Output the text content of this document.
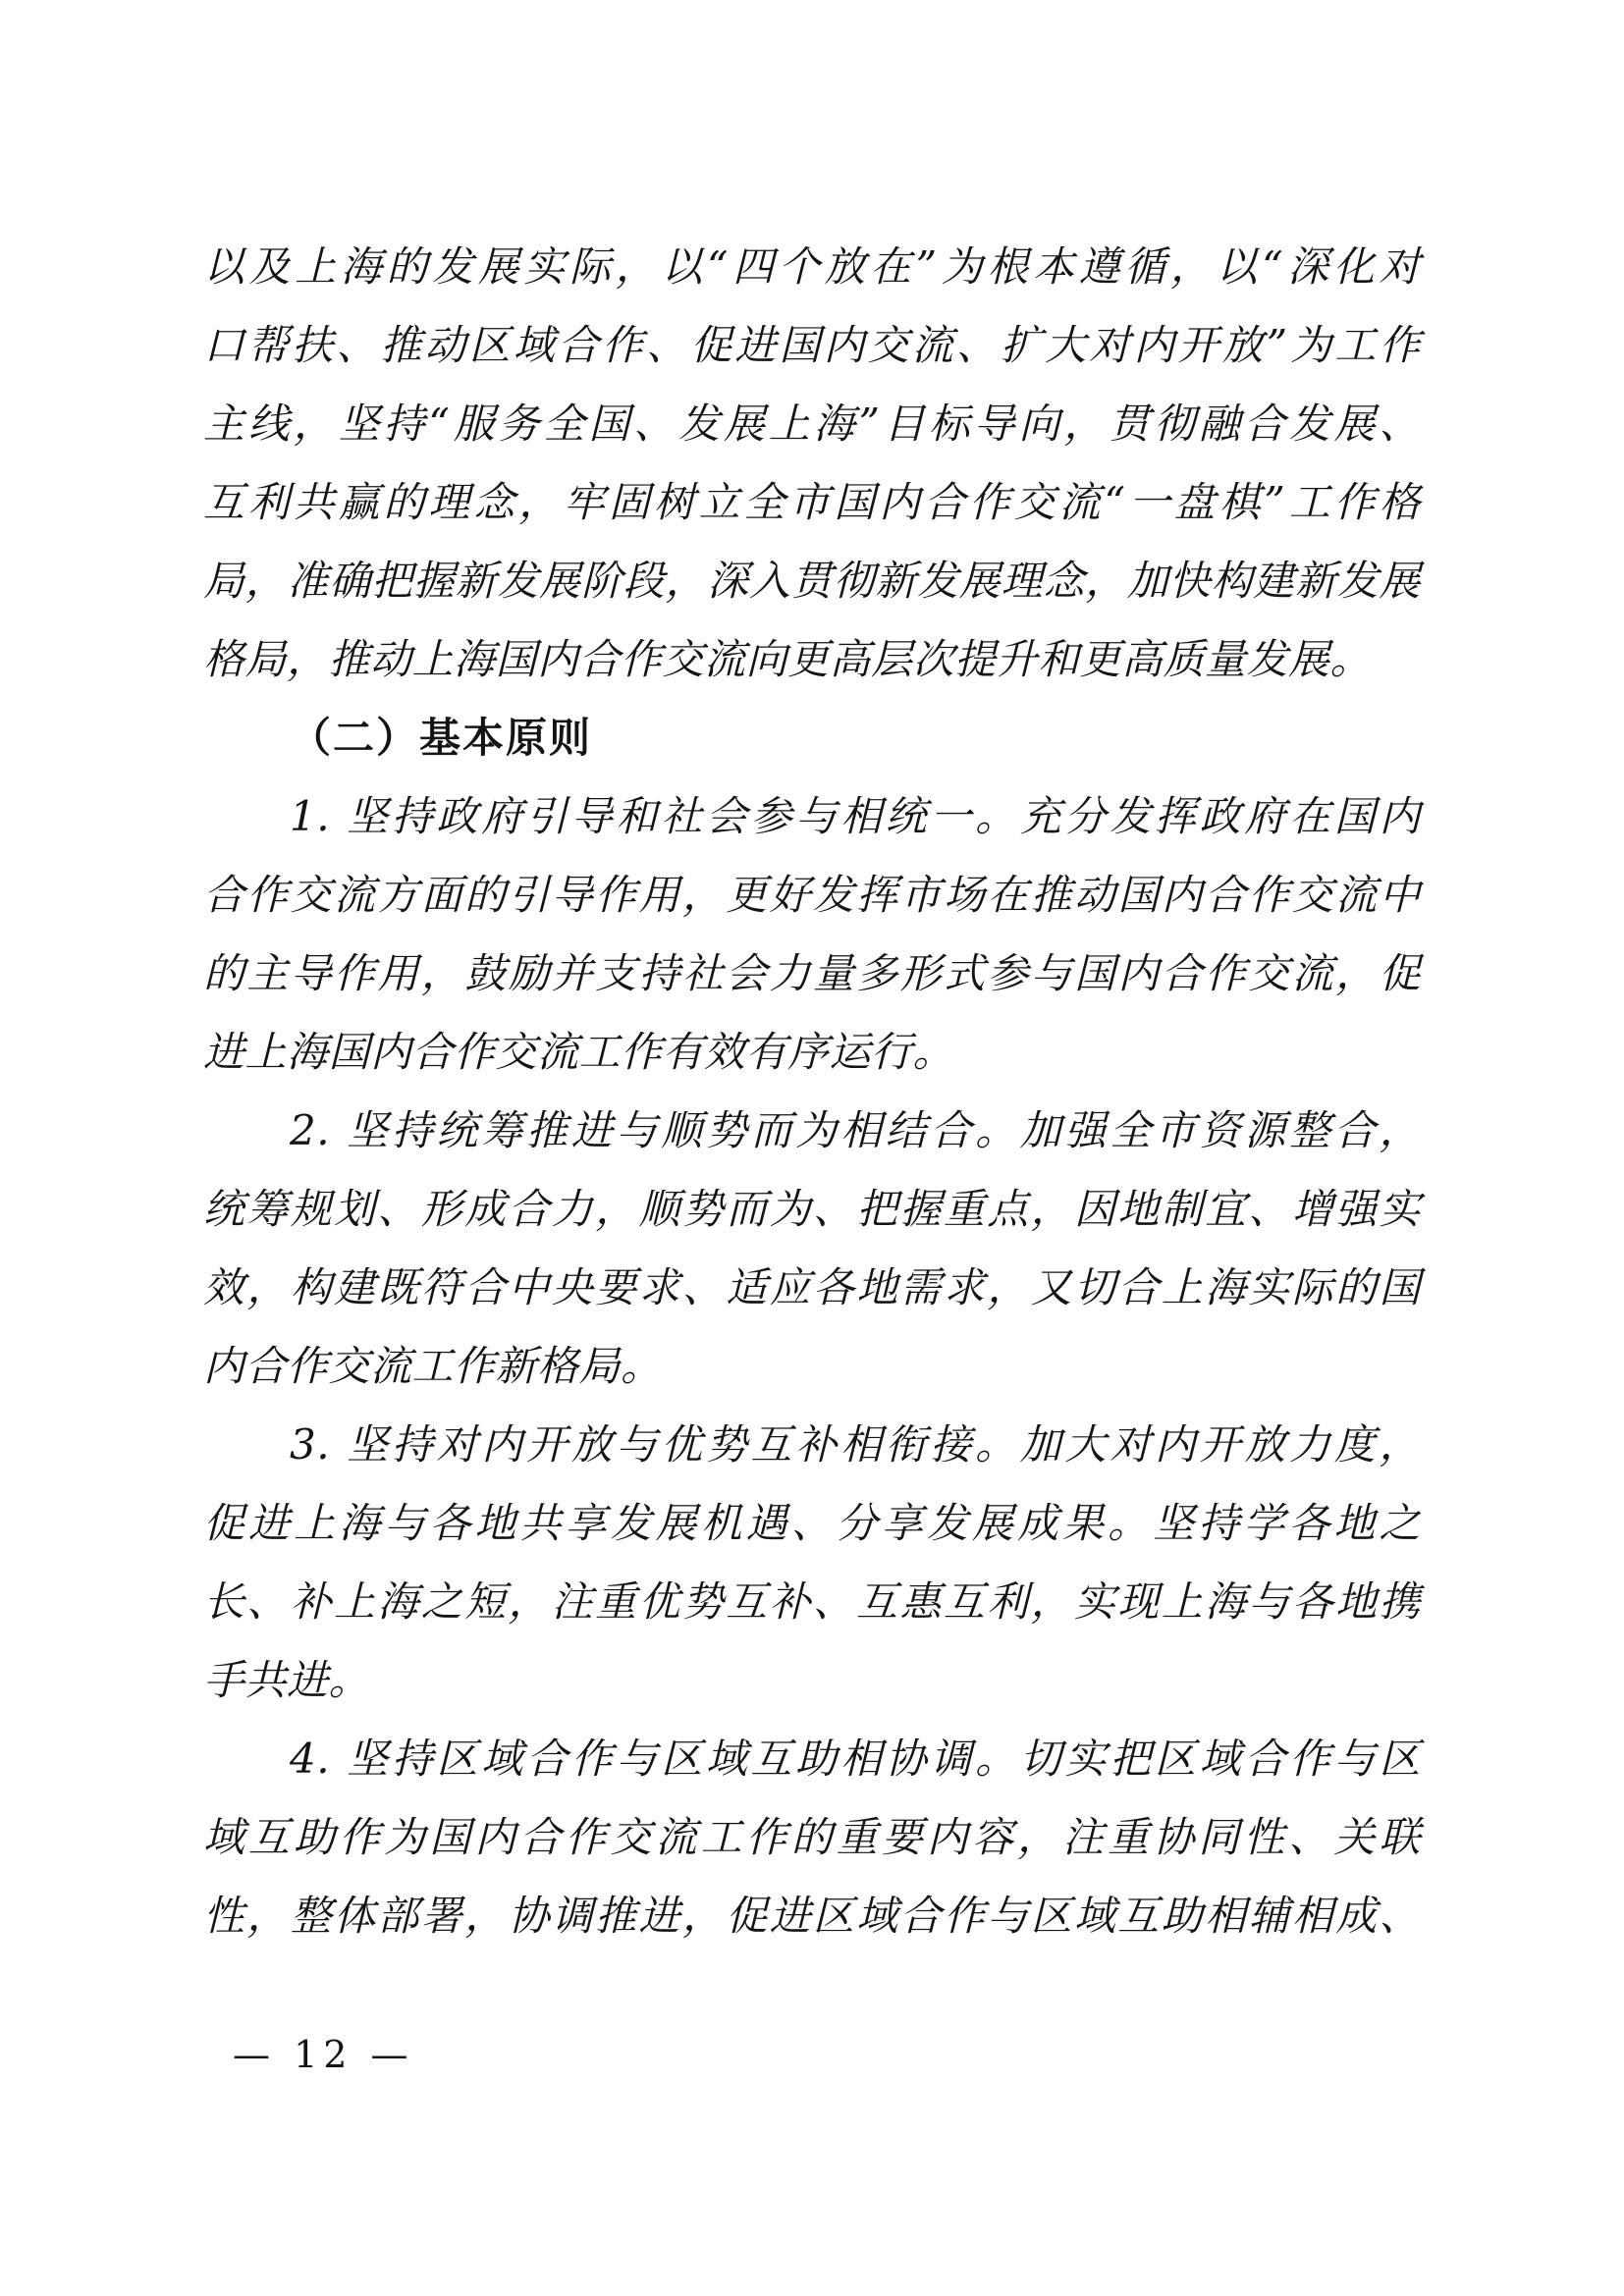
以及上海的发展实际，以“四个放在”为根本遵循，以“深化对
口帮扶、推动区域合作、促进国内交流、扩大对内开放”为工作
主线，坚持“服务全国、发展上海”目标导向，贯彻融合发展、
互利共赢的理念，牢固树立全市国内合作交流“一盘棋”工作格
局，准确把握新发展阶段，深入贯彻新发展理念，加快构建新发展
格局，推动上海国内合作交流向更高层次提升和更高质量发展。
（二）基本原则
1. 坚持政府引导和社会参与相统一。充分发挥政府在国内
合作交流方面的引导作用，更好发挥市场在推动国内合作交流中
的主导作用，鼓励并支持社会力量多形式参与国内合作交流，促
进上海国内合作交流工作有效有序运行。
2. 坚持统筹推进与顺势而为相结合。加强全市资源整合，
统筹规划、形成合力，顺势而为、把握重点，因地制宜、增强实
效，构建既符合中央要求、适应各地需求，又切合上海实际的国
内合作交流工作新格局。
3. 坚持对内开放与优势互补相衔接。加大对内开放力度，
促进上海与各地共享发展机遇、分享发展成果。坚持学各地之
长、补上海之短，注重优势互补、互惠互利，实现上海与各地携
手共进。
4. 坚持区域合作与区域互助相协调。切实把区域合作与区
域互助作为国内合作交流工作的重要内容，注重协同性、关联
性，整体部署，协调推进，促进区域合作与区域互助相辅相成、
— 12 —
